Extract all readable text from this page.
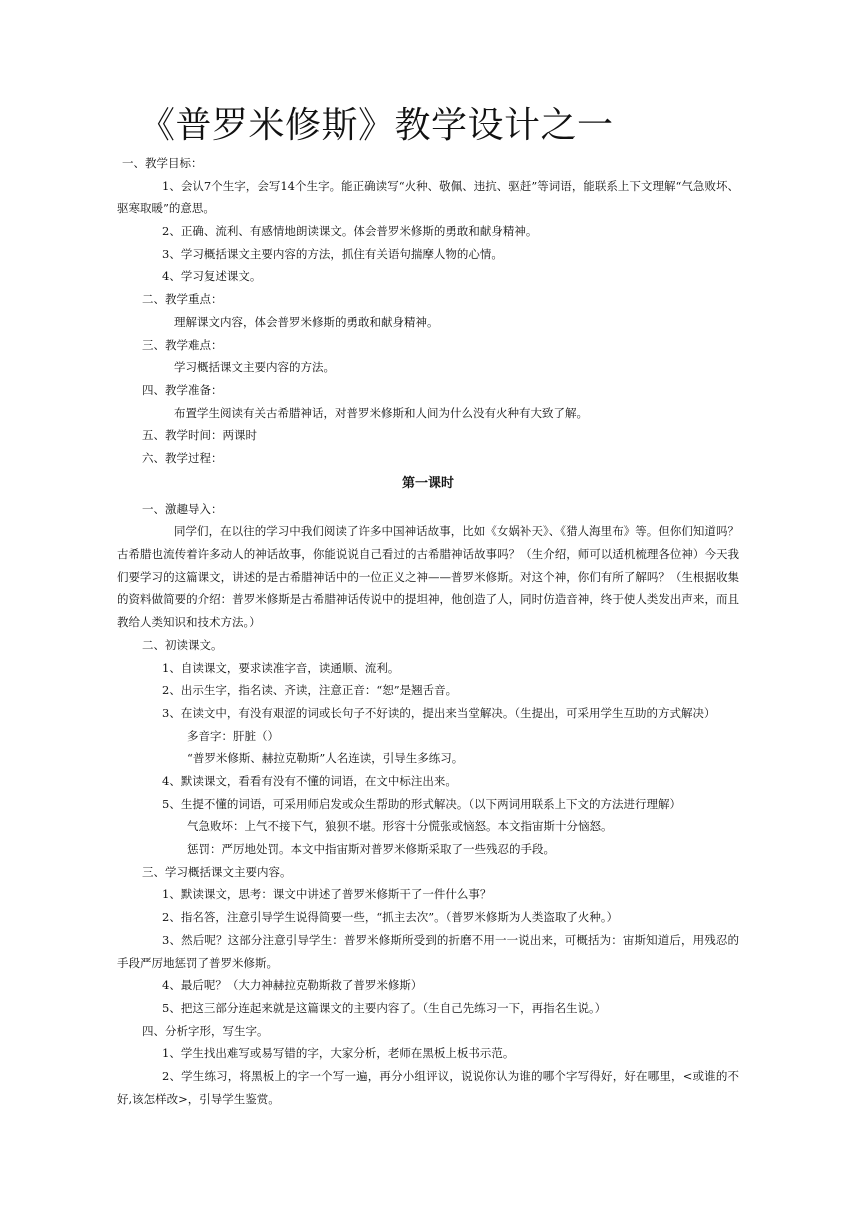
《普罗米修斯》教学设计之一
一、教学目标：
1、会认7个生字，会写14个生字。能正确读写“火种、敬佩、违抗、驱赶”等词语，能联系上下文理解“气急败坏、驱寒取暖”的意思。
2、正确、流利、有感情地朗读课文。体会普罗米修斯的勇敢和献身精神。
3、学习概括课文主要内容的方法，抓住有关语句揣摩人物的心情。
4、学习复述课文。
二、教学重点：
理解课文内容，体会普罗米修斯的勇敢和献身精神。
三、教学难点：
学习概括课文主要内容的方法。
四、教学准备：
布置学生阅读有关古希腊神话，对普罗米修斯和人间为什么没有火种有大致了解。
五、教学时间：两课时
六、教学过程：
第一课时
一、激趣导入：
同学们，在以往的学习中我们阅读了许多中国神话故事，比如《女娲补天》、《猎人海里布》等。但你们知道吗？古希腊也流传着许多动人的神话故事，你能说说自己看过的古希腊神话故事吗？（生介绍，师可以适机梳理各位神）今天我们要学习的这篇课文，讲述的是古希腊神话中的一位正义之神——普罗米修斯。对这个神，你们有所了解吗？（生根据收集的资料做简要的介绍：普罗米修斯是古希腊神话传说中的提坦神，他创造了人，同时仿造音神，终于使人类发出声来，而且教给人类知识和技术方法。）
二、初读课文。
1、自读课文，要求读准字音，读通顺、流利。
2、出示生字，指名读、齐读，注意正音：“恕”是翘舌音。
3、在读文中，有没有艰涩的词或长句子不好读的，提出来当堂解决。（生提出，可采用学生互助的方式解决）
多音字：肝脏（）
“普罗米修斯、赫拉克勒斯”人名连读，引导生多练习。
4、默读课文，看看有没有不懂的词语，在文中标注出来。
5、生提不懂的词语，可采用师启发或众生帮助的形式解决。（以下两词用联系上下文的方法进行理解）
气急败坏：上气不接下气，狼狈不堪。形容十分慌张或恼怒。本文指宙斯十分恼怒。
惩罚：严厉地处罚。本文中指宙斯对普罗米修斯采取了一些残忍的手段。
三、学习概括课文主要内容。
1、默读课文，思考：课文中讲述了普罗米修斯干了一件什么事？
2、指名答，注意引导学生说得简要一些，“抓主去次”。（普罗米修斯为人类盗取了火种。）
3、然后呢？这部分注意引导学生：普罗米修斯所受到的折磨不用一一说出来，可概括为：宙斯知道后，用残忍的手段严厉地惩罚了普罗米修斯。
4、最后呢？（大力神赫拉克勒斯救了普罗米修斯）
5、把这三部分连起来就是这篇课文的主要内容了。（生自己先练习一下，再指名生说。）
四、分析字形，写生字。
1、学生找出难写或易写错的字，大家分析，老师在黑板上板书示范。
2、学生练习，将黑板上的字一个写一遍，再分小组评议，说说你认为谁的哪个字写得好，好在哪里，<或谁的不好,该怎样改>，引导学生鉴赏。
